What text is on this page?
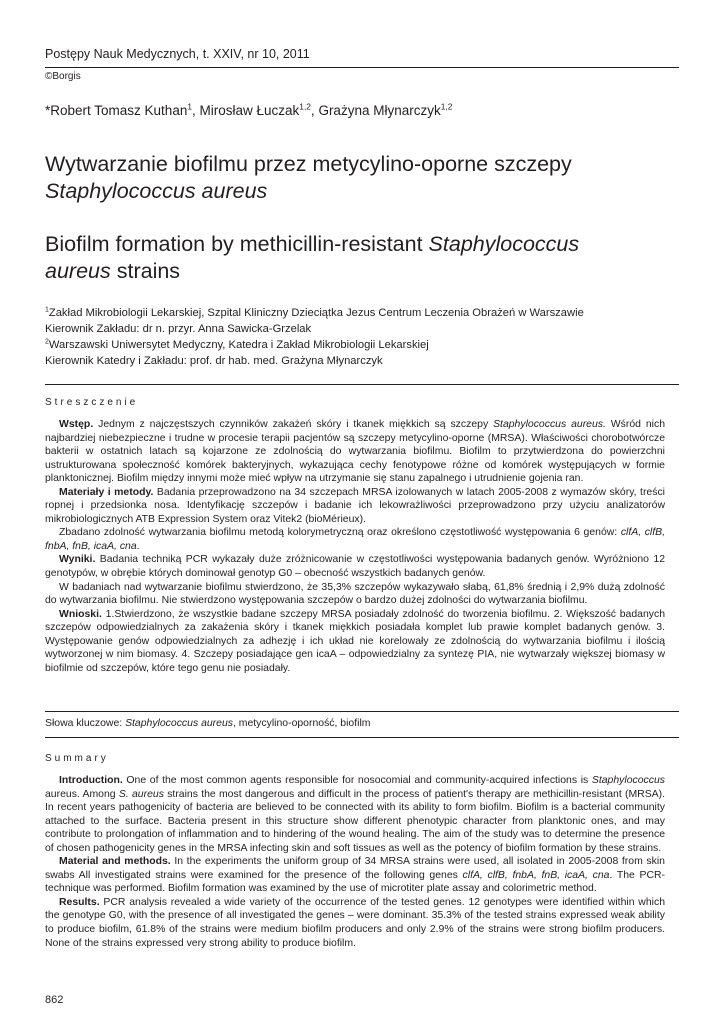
Postępy Nauk Medycznych, t. XXIV, nr 10, 2011
©Borgis
*Robert Tomasz Kuthan$^1$, Mirosław Łuczak$^{1,2}$, Grażyna Młynarczyk$^{1,2}$
Wytwarzanie biofilmu przez metycylino-oporne szczepy
Staphylococcus aureus
Biofilm formation by methicillin-resistant Staphylococcus
aureus strains
$^1$Zakład Mikrobiologii Lekarskiej, Szpital Kliniczny Dzieciątka Jezus Centrum Leczenia Obrażeń w Warszawie
Kierownik Zakładu: dr n. przyr. Anna Sawicka-Grzelak
$^2$Warszawski Uniwersytet Medyczny, Katedra i Zakład Mikrobiologii Lekarskiej
Kierownik Katedry i Zakładu: prof. dr hab. med. Grażyna Młynarczyk
Streszczenie

Wstęp. Jednym z najczęstszych czynników zakażeń skóry i tkanek miękkich są szczepy Staphylococcus aureus. Wśród nich najbardziej niebezpieczne i trudne w procesie terapii pacjentów są szczepy metycylino-oporne (MRSA). Właściwości chorobotwórcze bakterii w ostatnich latach są kojarzone ze zdolnością do wytwarzania biofilmu. Biofilm to przytwierdzona do powierzchni ustrukturowana społeczność komórek bakteryjnych, wykazująca cechy fenotypowe różne od komórek występujących w formie planktonicznej. Biofilm między innymi może mieć wpływ na utrzymanie się stanu zapalnego i utrudnienie gojenia ran.

Materiały i metody. Badania przeprowadzono na 34 szczepach MRSA izolowanych w latach 2005-2008 z wymazów skóry, treści ropnej i przedsionka nosa. Identyfikację szczepów i badanie ich lekowrażliwości przeprowadzono przy użyciu analizatorów mikrobiologicznych ATB Expression System oraz Vitek2 (bioMérieux).

Zbadano zdolność wytwarzania biofilmu metodą kolorymetryczną oraz określono częstotliwość występowania 6 genów: clfA, clfB, fnbA, fnB, icaA, cna.

Wyniki. Badania techniką PCR wykazały duże zróżnicowanie w częstotliwości występowania badanych genów. Wyróżniono 12 genotypów, w obrębie których dominował genotyp G0 – obecność wszystkich badanych genów.

W badaniach nad wytwarzanie biofilmu stwierdzono, że 35,3% szczepów wykazywało słabą, 61,8% średnią i 2,9% dużą zdolność do wytwarzania biofilmu. Nie stwierdzono występowania szczepów o bardzo dużej zdolności do wytwarzania biofilmu.

Wnioski. 1.Stwierdzono, że wszystkie badane szczepy MRSA posiadały zdolność do tworzenia biofilmu. 2. Większość badanych szczepów odpowiedzialnych za zakażenia skóry i tkanek miękkich posiadała komplet lub prawie komplet badanych genów. 3. Występowanie genów odpowiedzialnych za adhezję i ich układ nie korelowały ze zdolnością do wytwarzania biofilmu i ilością wytworzonej w nim biomasy. 4. Szczepy posiadające gen icaA – odpowiedzialny za syntezę PIA, nie wytwarzały większej biomasy w biofilmie od szczepów, które tego genu nie posiadały.

Słowa kluczowe: Staphylococcus aureus, metycylino-oporność, biofilm
Summary

Introduction. One of the most common agents responsible for nosocomial and community-acquired infections is Staphylococcus aureus. Among S. aureus strains the most dangerous and difficult in the process of patient's therapy are methicillin-resistant (MRSA). In recent years pathogenicity of bacteria are believed to be connected with its ability to form biofilm. Biofilm is a bacterial community attached to the surface. Bacteria present in this structure show different phenotypic character from planktonic ones, and may contribute to prolongation of inflammation and to hindering of the wound healing. The aim of the study was to determine the presence of chosen pathogenicity genes in the MRSA infecting skin and soft tissues as well as the potency of biofilm formation by these strains.

Material and methods. In the experiments the uniform group of 34 MRSA strains were used, all isolated in 2005-2008 from skin swabs All investigated strains were examined for the presence of the following genes clfA, clfB, fnbA, fnB, icaA, cna. The PCR-technique was performed. Biofilm formation was examined by the use of microtiter plate assay and colorimetric method.

Results. PCR analysis revealed a wide variety of the occurrence of the tested genes. 12 genotypes were identified within which the genotype G0, with the presence of all investigated the genes – were dominant. 35.3% of the tested strains expressed weak ability to produce biofilm, 61.8% of the strains were medium biofilm producers and only 2.9% of the strains were strong biofilm producers. None of the strains expressed very strong ability to produce biofilm.

862
